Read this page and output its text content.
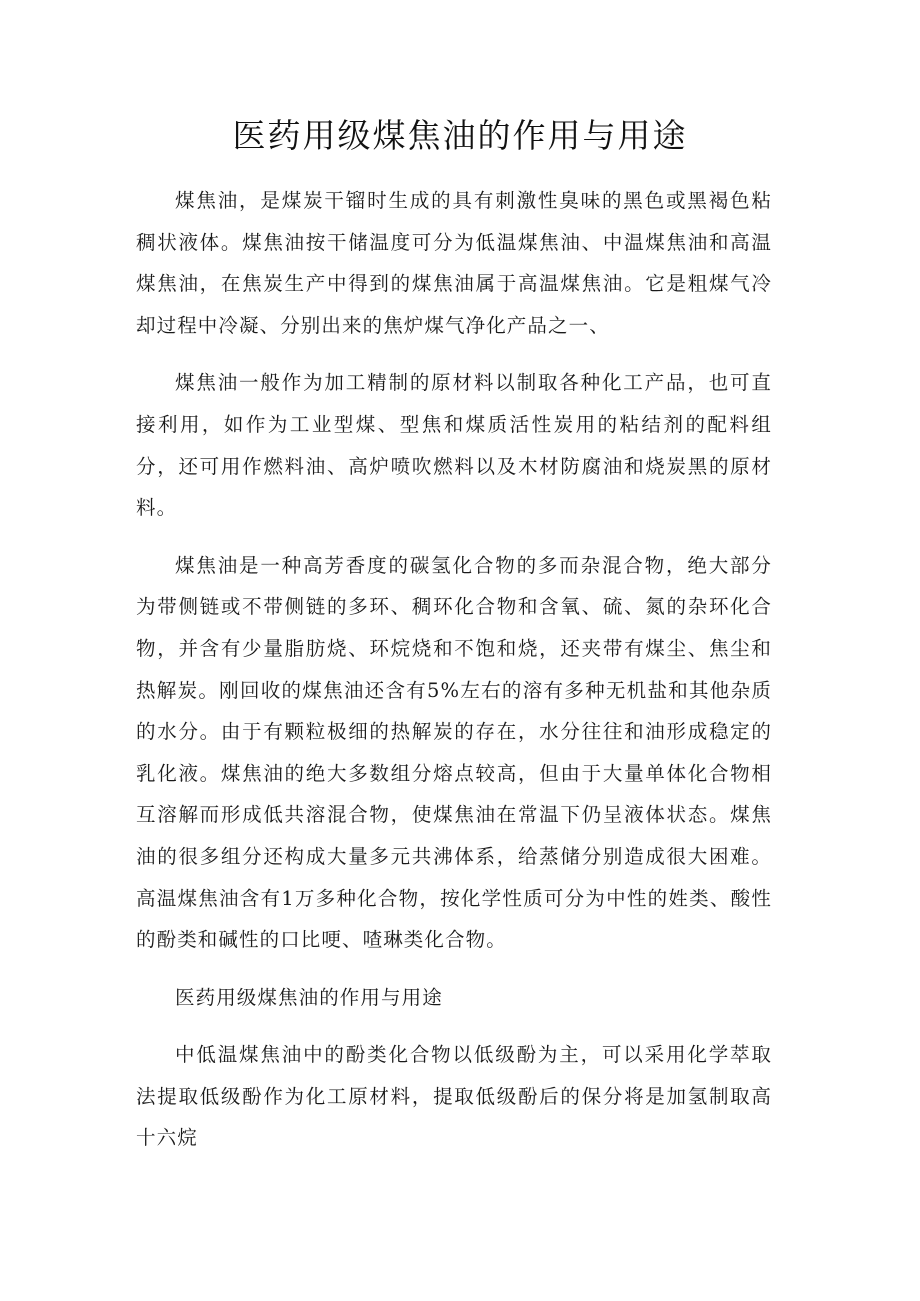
医药用级煤焦油的作用与用途

煤焦油，是煤炭干镏时生成的具有刺激性臭味的黑色或黑褐色粘稠状液体。煤焦油按干储温度可分为低温煤焦油、中温煤焦油和高温煤焦油，在焦炭生产中得到的煤焦油属于高温煤焦油。它是粗煤气冷却过程中冷凝、分别出来的焦炉煤气净化产品之一、

煤焦油一般作为加工精制的原材料以制取各种化工产品，也可直接利用，如作为工业型煤、型焦和煤质活性炭用的粘结剂的配料组分，还可用作燃料油、高炉喷吹燃料以及木材防腐油和烧炭黑的原材料。

煤焦油是一种高芳香度的碳氢化合物的多而杂混合物，绝大部分为带侧链或不带侧链的多环、稠环化合物和含氧、硫、氮的杂环化合物，并含有少量脂肪烧、环烷烧和不饱和烧，还夹带有煤尘、焦尘和热解炭。刚回收的煤焦油还含有5%左右的溶有多种无机盐和其他杂质的水分。由于有颗粒极细的热解炭的存在，水分往往和油形成稳定的乳化液。煤焦油的绝大多数组分熔点较高，但由于大量单体化合物相互溶解而形成低共溶混合物，使煤焦油在常温下仍呈液体状态。煤焦油的很多组分还构成大量多元共沸体系，给蒸储分别造成很大困难。高温煤焦油含有1万多种化合物，按化学性质可分为中性的姓类、酸性的酚类和碱性的口比哽、喳琳类化合物。

医药用级煤焦油的作用与用途

中低温煤焦油中的酚类化合物以低级酚为主，可以采用化学萃取法提取低级酚作为化工原材料，提取低级酚后的保分将是加氢制取高十六烷
